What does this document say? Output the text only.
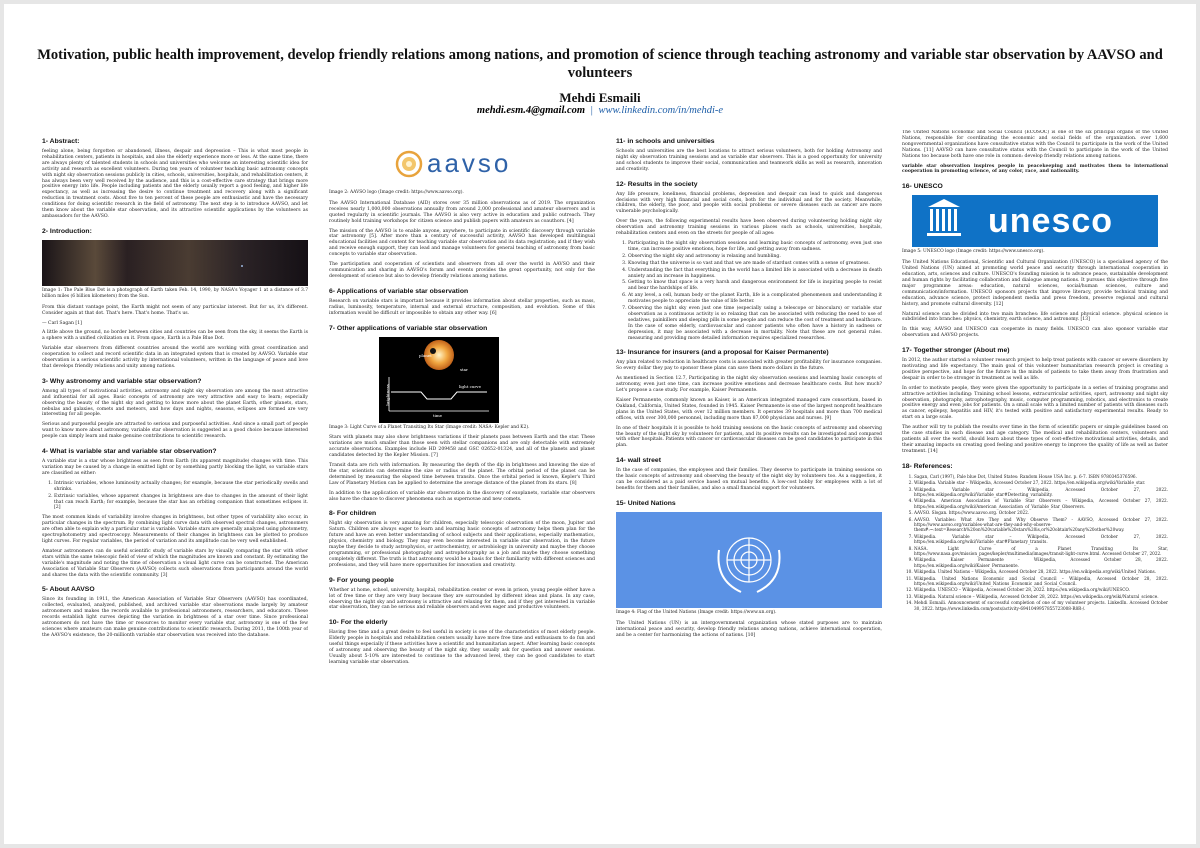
Motivation, public health improvement, develop friendly relations among nations, and promotion of science through teaching astronomy and variable star observation by AAVSO and volunteers
Mehdi Esmaili
mehdi.esm.4@gmail.com | www.linkedin.com/in/mehdi-e
1- Abstract:

feeling alone, being forgotten or abandoned, illness, despair and depression – This is what most people in rehabilitation centers, patients in hospitals, and also the elderly experience more or less. At the same time, there are always plenty of talented students in schools and universities who welcome an interesting scientific idea for activity and research as excellent volunteers. During ten years of volunteer teaching basic astronomy concepts with night sky observation sessions publicly in cities, schools, universities, hospitals, and rehabilitation centers, it has always been very well received by the audience, and this is a cost-effective care strategy that brings more positive energy into life. People including patients and the elderly usually report a good feeling, and higher life expectancy, as well as increasing the desire to continue treatment and recovery along with a significant reduction in treatment costs. About five to ten percent of these people are enthusiastic and have the necessary conditions for doing scientific research in the field of astronomy. The next step is to introduce AAVSO, and let them know about the variable star observation, and its attractive scientific applications by the volunteers as ambassadors for the AAVSO.

2- Introduction:

Image 1: The Pale Blue Dot is a photograph of Earth taken Feb. 14, 1990, by NASA's Voyager 1 at a distance of 3.7 billion miles (6 billion kilometers) from the Sun.

From this distant vantage point, the Earth might not seem of any particular interest. But for us, it's different. Consider again at that dot. That's here. That's home. That's us.

— Carl Sagan [1]

A little above the ground, no border between cities and countries can be seen from the sky, it seems the Earth is a sphere with a unified civilization on it. From space, Earth is a Pale Blue Dot.

Variable star observers from different countries around the world are working with great coordination and cooperation to collect and record scientific data in an integrated system that is created by AAVSO. Variable star observation is a serious scientific activity by international volunteers, written in the language of peace and love that develops friendly relations and unity among nations.

3- Why astronomy and variable star observation?

Among all types of motivational activities, astronomy and night sky observation are among the most attractive and influential for all ages. Basic concepts of astronomy are very attractive and easy to learn; especially observing the beauty of the night sky and getting to know more about the planet Earth, other planets, stars, nebulas and galaxies, comets and meteors, and how days and nights, seasons, eclipses are formed are very interesting for all people.

Serious and purposeful people are attracted to serious and purposeful activities. And since a small part of people want to know more about astronomy, variable star observation is suggested as a good choice because interested people can simply learn and make genuine contributions to scientific research.

4- What is variable star and variable star observation?

A variable star is a star whose brightness as seen from Earth (its apparent magnitude) changes with time. This variation may be caused by a change in emitted light or by something partly blocking the light, so variable stars are classified as either:

1. Intrinsic variables, whose luminosity actually changes; for example, because the star periodically swells and shrinks.
2. Extrinsic variables, whose apparent changes in brightness are due to changes in the amount of their light that can reach Earth; for example, because the star has an orbiting companion that sometimes eclipses it. [2]

The most common kinds of variability involve changes in brightness, but other types of variability also occur, in particular changes in the spectrum. By combining light curve data with observed spectral changes, astronomers are often able to explain why a particular star is variable. Variable stars are generally analyzed using photometry, spectrophotometry and spectroscopy. Measurements of their changes in brightness can be plotted to produce light curves. For regular variables, the period of variation and its amplitude can be very well established.

Amateur astronomers can do useful scientific study of variable stars by visually comparing the star with other stars within the same telescopic field of view of which the magnitudes are known and constant. By estimating the variable's magnitude and noting the time of observation a visual light curve can be constructed. The American Association of Variable Star Observers (AAVSO) collects such observations from participants around the world and shares the data with the scientific community. [3]

5- About AAVSO

Since its founding in 1911, the American Association of Variable Star Observers (AAVSO) has coordinated, collected, evaluated, analyzed, published, and archived variable star observations made largely by amateur astronomers and makes the records available to professional astronomers, researchers, and educators. These records establish light curves depicting the variation in brightness of a star over time. Since professional astronomers do not have the time or resources to monitor every variable star, astronomy is one of the few sciences where amateurs can make genuine contributions to scientific research. During 2011, the 100th year of the AAVSO's existence, the 20-millionth variable star observation was received into the database.

aavso

Image 2: AAVSO logo (Image credit: https://www.aavso.org).

The AAVSO International Database (AID) stores over 35 million observations as of 2019. The organization receives nearly 1,000,000 observations annually from around 2,000 professional and amateur observers and is quoted regularly in scientific journals. The AAVSO is also very active in education and public outreach. They routinely hold training workshops for citizen science and publish papers with amateurs as coauthors. [4]

The mission of the AAVSO is to enable anyone, anywhere, to participate in scientific discovery through variable star astronomy [5]. After more than a century of successful activity, AAVSO has developed multilingual educational facilities and content for teaching variable star observation and its data registration; and if they wish and receive enough support, they can lead and manage volunteers for general teaching of astronomy from basic concepts to variable star observation.

The participation and cooperation of scientists and observers from all over the world in AAVSO and their communication and sharing in AAVSO's forum and events provides the great opportunity, not only for the development of science but also to develop friendly relations among nations.

6- Applications of variable star observation

Research on variable stars is important because it provides information about stellar properties, such as mass, radius, luminosity, temperature, internal and external structure, composition, and evolution. Some of this information would be difficult or impossible to obtain any other way. [6]

7- Other applications of variable star observation
planet
star
light curve
brightness
time

Image 3: Light Curve of a Planet Transiting Its Star (Image credit: NASA- Kepler and K2).

Stars with planets may also show brightness variations if their planets pass between Earth and the star. These variations are much smaller than those seen with stellar companions and are only detectable with extremely accurate observations. Examples include HD 209458 and GSC 02652-01324, and all of the planets and planet candidates detected by the Kepler Mission. [7]

Transit data are rich with information. By measuring the depth of the dip in brightness and knowing the size of the star, scientists can determine the size or radius of the planet. The orbital period of the planet can be determined by measuring the elapsed time between transits. Once the orbital period is known, Kepler's Third Law of Planetary Motion can be applied to determine the average distance of the planet from its stars. [8]

In addition to the application of variable star observation in the discovery of exoplanets, variable star observers also have the chance to discover phenomena such as supernovae and new comets.

8- For children

Night sky observation is very amazing for children, especially telescopic observation of the moon, Jupiter and Saturn. Children are always eager to learn and learning basic concepts of astronomy helps them plan for the future and have an even better understanding of school subjects and their applications, especially mathematics, physics, chemistry and biology. They may even become interested in variable star observation, in the future maybe they decide to study astrophysics, or astrochemistry, or astrobiology in university and maybe they choose programming, or professional photography and astrophotography as a job and maybe they choose something completely different. The truth is that astronomy would be a basis for their familiarity with different sciences and professions, and they will have more opportunities for innovation and creativity.

9- For young people

Whether at home, school, university, hospital, rehabilitation center or even in prison, young people either have a lot of free time or they are very busy because they are surrounded by different ideas and plans. In any case, observing the night sky and astronomy is attractive and relaxing for them, and if they get interested in variable star observation, they can be serious and reliable observers and even eager and productive volunteers.

10- For the elderly

Having free time and a great desire to feel useful in society is one of the characteristics of most elderly people. Elderly people in hospitals and rehabilitation centers usually have more free time and enthusiasm to do fun and useful things especially if these activities have a scientific and humanitarian aspect. After learning basic concepts of astronomy and observing the beauty of the night sky, they usually ask for question and answer sessions. Usually about 5-10% are interested to continue to the advanced level, they can be good candidates to start learning variable star observation.

11- in schools and universities

Schools and universities are the best locations to attract serious volunteers, both for holding Astronomy and night sky observation training sessions and as variable star observers. This is a good opportunity for university and school students to improve their social, communication and teamwork skills as well as research, innovation and creativity.

12- Results in the society

Any life pressure, loneliness, financial problems, depression and despair can lead to quick and dangerous decisions with very high financial and social costs, both for the individual and for the society. Meanwhile, children, the elderly, the poor, and people with social problems or severe diseases such as cancer are more vulnerable psychologically.

Over the years, the following experimental results have been observed during volunteering holding night sky observation and astronomy training sessions in various places such as schools, universities, hospitals, rehabilitation centers and even on the streets for people of all ages:

1. Participating in the night sky observation sessions and learning basic concepts of astronomy, even just one time, can increase positive emotions, hope for life, and getting away from sadness.
2. Observing the night sky and astronomy is relaxing and humbling.
3. Knowing that the universe is so vast and that we are made of stardust comes with a sense of greatness.
4. Understanding the fact that everything in the world has a limited life is associated with a decrease in death anxiety and an increase in happiness.
5. Getting to know that space is a very harsh and dangerous environment for life is inspiring people to resist and bear the hardships of life.
6. At any level, a cell, human body or the planet Earth, life is a complicated phenomenon and understanding it motivates people to appreciate the value of life better.
7. Observing the night sky even just one time (especially using a telescope or binoculars) or variable star observation as a continuous activity is so relaxing that can be associated with reducing the need to use of sedatives, painkillers and sleeping pills in some people and can reduce the cost of treatment and healthcare. In the case of some elderly, cardiovascular and cancer patients who often have a history in sadness or depression, it may be associated with a decrease in mortality. Note that these are not general rules. measuring and providing more detailed information requires specialized researches.
13- Insurance for insurers (and a proposal for Kaiser Permanente)

Any plan related to reduction in healthcare costs is associated with greater profitability for insurance companies. So every dollar they pay to sponsor these plans can save them more dollars in the future.

As mentioned in Section 12.7, Participating in the night sky observation sessions and learning basic concepts of astronomy, even just one time, can increase positive emotions and decrease healthcare costs. But how much? Let's propose a case study. For example, Kaiser Permanente.

Kaiser Permanente, commonly known as Kaiser, is an American integrated managed care consortium, based in Oakland, California, United States, founded in 1945. Kaiser Permanente is one of the largest nonprofit healthcare plans in the United States, with over 12 million members. It operates 39 hospitals and more than 700 medical offices, with over 300,000 personnel, including more than 87,000 physicians and nurses. [9]

In one of their hospitals it is possible to hold training sessions on the basic concepts of astronomy and observing the beauty of the night sky by volunteers for patients, and its positive results can be investigated and compared with other hospitals. Patients with cancer or cardiovascular diseases can be good candidates to participate in this plan.

14- wall street

In the case of companies, the employees and their families. They deserve to participate in training sessions on the basic concepts of astronomy and observing the beauty of the night sky by volunteers too. As a suggestion, it can be considered as a paid service based on mutual benefits. A low-cost hobby for employees with a lot of benefits for them and their families, and also a small financial support for volunteers.

15- United Nations

Image 4: Flag of the United Nations (Image credit: https://www.un.org).

The United Nations (UN) is an intergovernmental organization whose stated purposes are to maintain international peace and security, develop friendly relations among nations, achieve international cooperation, and be a center for harmonizing the actions of nations. [10]

The United Nations Economic and Social Council (ECOSOC) is one of the six principal organs of the United Nations, responsible for coordinating the economic and social fields of the organization. over 1,600 nongovernmental organizations have consultative status with the Council to participate in the work of the United Nations. [11] AAVSO can have consultative status with the Council to participate in the work of the United Nations too because both have one role in common: develop friendly relations among nations.

variable star observation inspires people in peacekeeping and motivates them to international cooperation in promoting science, of any color, race, and nationality.

16- UNESCO
unesco

Image 5: UNESCO logo (Image credit: https://www.unesco.org).

The United Nations Educational, Scientific and Cultural Organization (UNESCO) is a specialised agency of the United Nations (UN) aimed at promoting world peace and security through international cooperation in education, arts, sciences and culture. UNESCO's founding mission is to advance peace, sustainable development and human rights by facilitating collaboration and dialogue among nations. It pursues this objective through five major programme areas: education, natural sciences, social/human sciences, culture and communication/information. UNESCO sponsors projects that improve literacy, provide technical training and education, advance science, protect independent media and press freedom, preserve regional and cultural history, and promote cultural diversity. [12]

Natural science can be divided into two main branches: life science and physical science. physical science is subdivided into branches: physics, chemistry, earth science, and astronomy. [13]

In this way, AAVSO and UNESCO can cooperate in many fields. UNESCO can also sponsor variable star observation and AAVSO projects.

17- Together stronger (About me)

In 2012, the author started a volunteer research project to help treat patients with cancer or severe disorders by motivating and life expectancy. The main goal of this volunteer humanitarian research project is creating a positive perspective, and hope for the future in the minds of patients to take them away from frustration and despair in order to be stronger in treatment as well as life.

In order to motivate people, they were given the opportunity to participate in a series of training programs and attractive activities including: Training school lessons, extracurricular activities, sport, astronomy and night sky observation, photography, astrophotography, music, computer programming, robotics, and electronics to create positive energy and even jobs for patients. On a small scale with a limited number of patients with diseases such as cancer, epilepsy, hepatitis and HIV, it's tested with positive and satisfactory experimental results. Ready to start on a large scale.

The author will try to publish the results over time in the form of scientific papers or simple guidelines based on the case studies in each disease and age category. The medical and rehabilitation centers, volunteers and patients all over the world, should learn about these types of cost-effective motivational activities, details, and their amazing impacts on creating good feeling and positive energy to improve the quality of life as well as faster treatment. [14]

18- References:
1. Sagan, Carl (1997), Pale blue Dot, United States: Random House USA Inc. p. 6-7. ISBN 9780345376596.
2. Wikipedia. Variable star – Wikipedia, Accessed October 27, 2022. https://en.wikipedia.org/wiki/Variable_star.
3. Wikipedia. Variable star – Wikipedia, Accessed October 27, 2022. https://en.wikipedia.org/wiki/Variable_star#Detecting_variability.
4. Wikipedia. American Association of Variable Star Observers – Wikipedia, Accessed October 27, 2022. https://en.wikipedia.org/wiki/American_Association_of_Variable_Star_Observers.
5. AAVSO. Slogan. https://www.aavso.org. October 2022.
6. AAVSO. Variables: What Are They and Why Observe Them? - AAVSO, Accessed October 27, 2022. https://www.aavso.org/variables-what-are-they-and-why-observe-them#:~:text=Research%20on%20variable%20stars%20is,or%20obtain%20any%20other%20way.
7. Wikipedia. Variable star – Wikipedia, Accessed October 27, 2022. https://en.wikipedia.org/wiki/Variable_star#Planetary_transits.
8. NASA. Light Curve of a Planet Transiting Its Star, https://www.nasa.gov/mission_pages/kepler/multimedia/images/transit-light-curve.html. Accessed October 27, 2022.
9. Wikipedia. Kaiser Permanente – Wikipedia, Accessed October 28, 2022. https://en.wikipedia.org/wiki/Kaiser_Permanente.
10. Wikipedia. United Nations – Wikipedia, Accessed October 28, 2022. https://en.wikipedia.org/wiki/United_Nations.
11. Wikipedia. United Nations Economic and Social Council – Wikipedia, Accessed October 28, 2022. https://en.wikipedia.org/wiki/United_Nations_Economic_and_Social_Council.
12. Wikipedia. UNESCO – Wikipedia, Accessed October 28, 2022. https://en.wikipedia.org/wiki/UNESCO.
13. Wikipedia. Natural science – Wikipedia, Accessed October 28, 2022. https://en.wikipedia.org/wiki/Natural_science.
14. Mehdi Esmaili. Announcement of successful completion of one of my volunteer projects. LinkedIn. Accessed October 30, 2022. https://www.linkedin.com/posts/activity-6941049957855723008-R8R-/.
